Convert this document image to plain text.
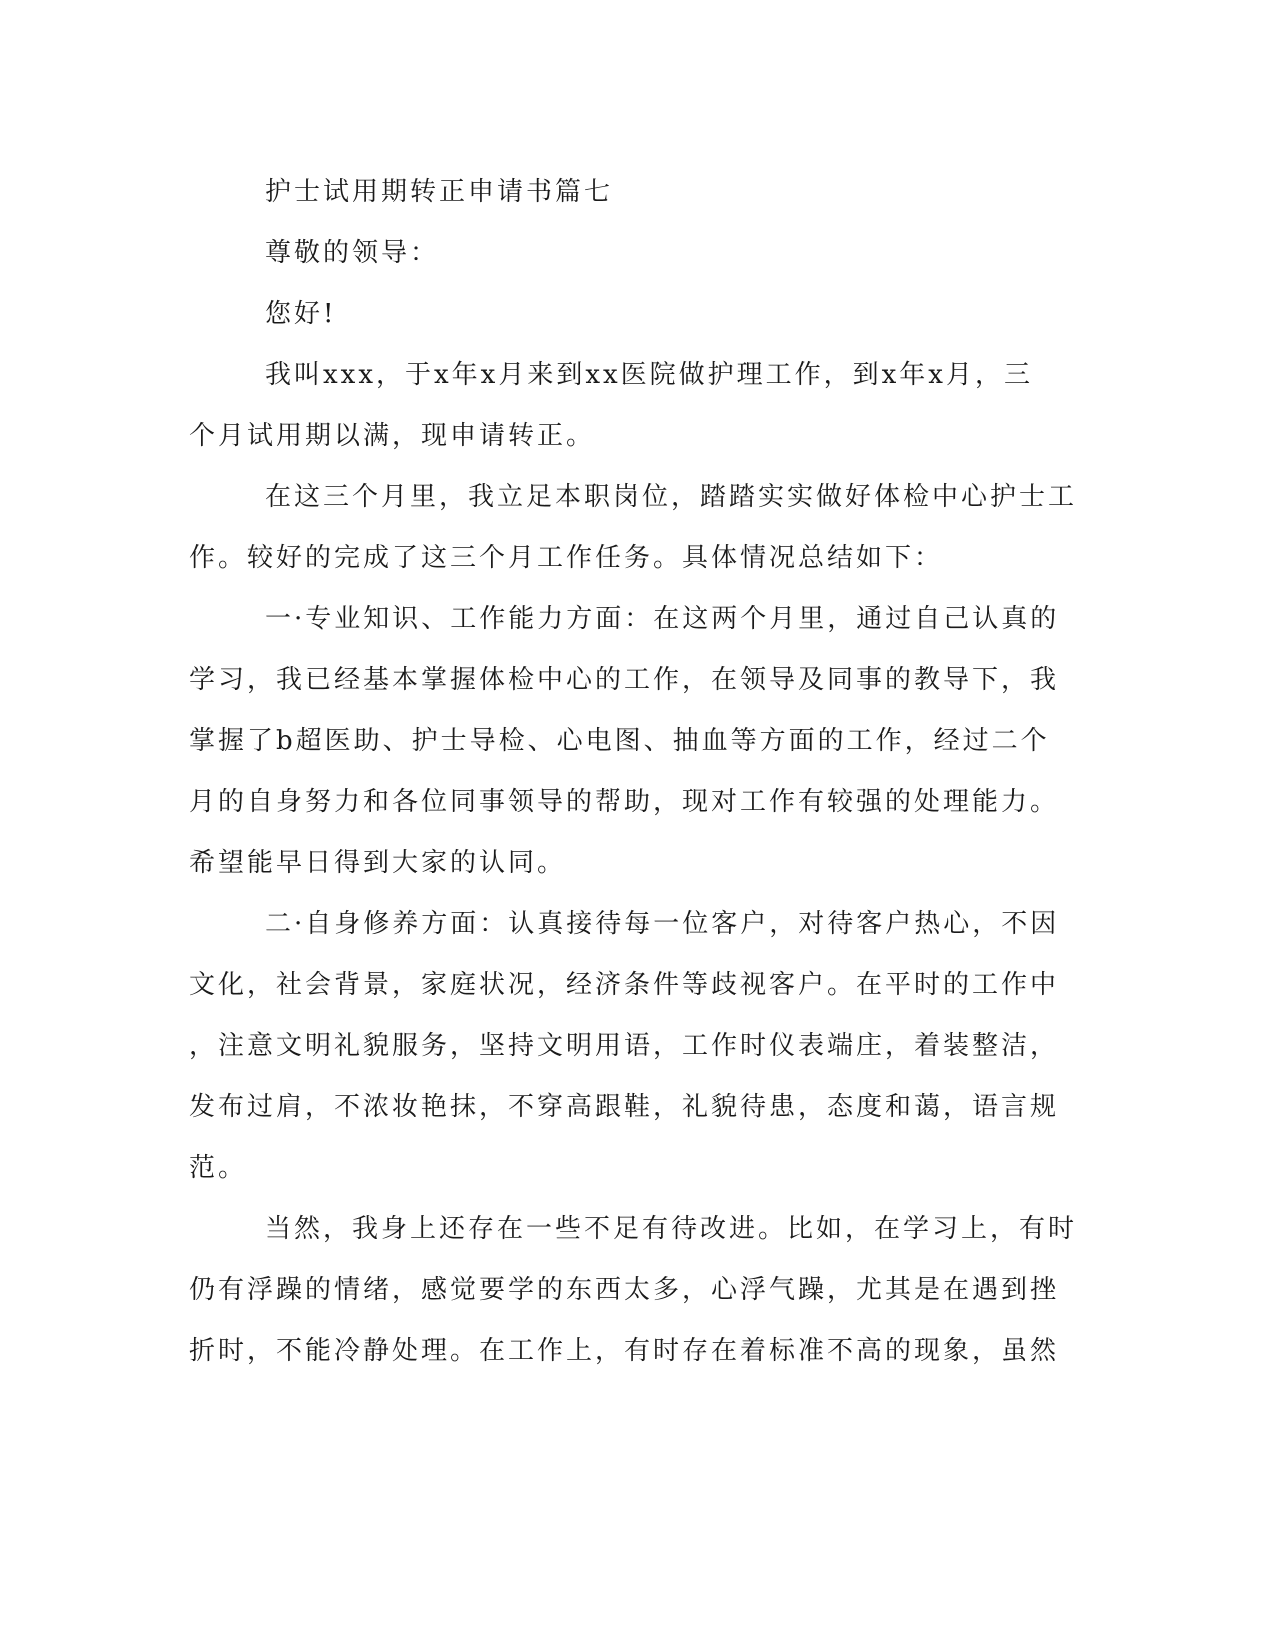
护士试用期转正申请书篇七
尊敬的领导：
您好!
我叫xxx，于x年x月来到xx医院做护理工作，到x年x月，三
个月试用期以满，现申请转正。
在这三个月里，我立足本职岗位，踏踏实实做好体检中心护士工
作。较好的完成了这三个月工作任务。具体情况总结如下：
一·专业知识、工作能力方面：在这两个月里，通过自己认真的
学习，我已经基本掌握体检中心的工作，在领导及同事的教导下，我
掌握了b超医助、护士导检、心电图、抽血等方面的工作，经过二个
月的自身努力和各位同事领导的帮助，现对工作有较强的处理能力。
希望能早日得到大家的认同。
二·自身修养方面：认真接待每一位客户，对待客户热心，不因
文化，社会背景，家庭状况，经济条件等歧视客户。在平时的工作中
，注意文明礼貌服务，坚持文明用语，工作时仪表端庄，着装整洁，
发布过肩，不浓妆艳抹，不穿高跟鞋，礼貌待患，态度和蔼，语言规
范。
当然，我身上还存在一些不足有待改进。比如，在学习上，有时
仍有浮躁的情绪，感觉要学的东西太多，心浮气躁，尤其是在遇到挫
折时，不能冷静处理。在工作上，有时存在着标准不高的现象，虽然
